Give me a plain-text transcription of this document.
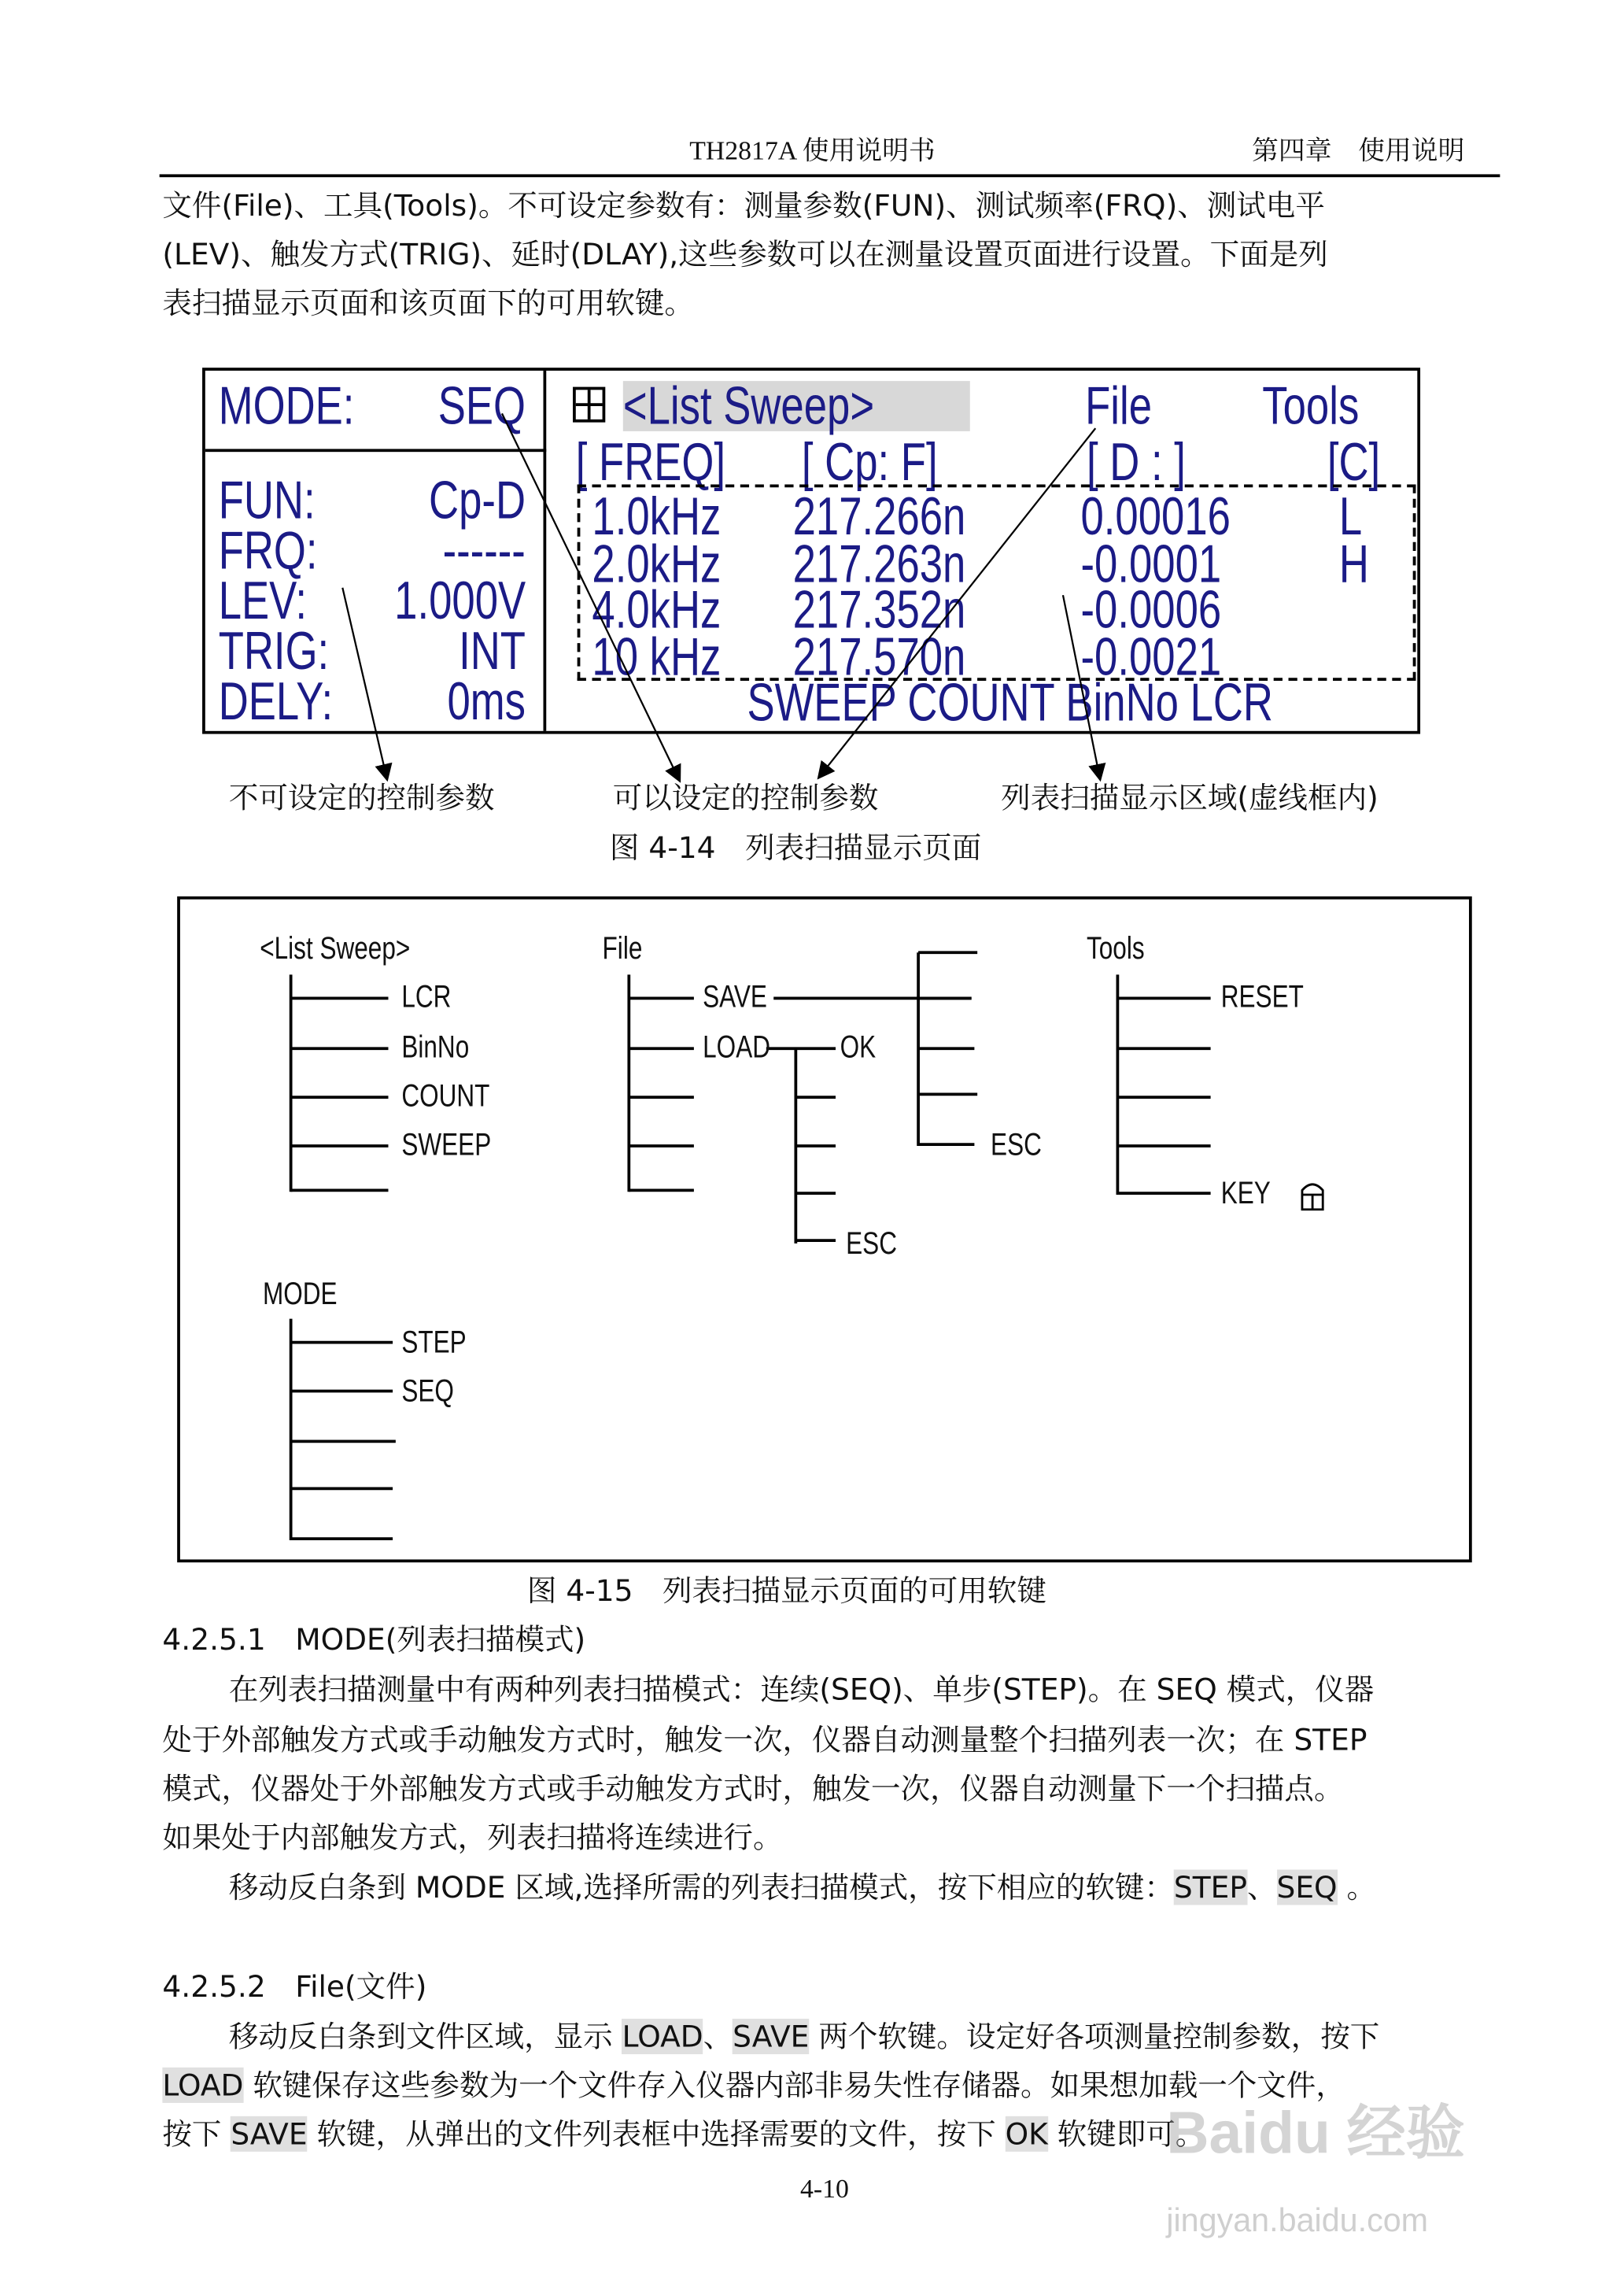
TH2817A 使用说明书	第四章　使用说明
文件(File)、工具(Tools)。不可设定参数有：测量参数(FUN)、测试频率(FRQ)、测试电平
(LEV)、触发方式(TRIG)、延时(DLAY),这些参数可以在测量设置页面进行设置。下面是列
表扫描显示页面和该页面下的可用软键。
MODE:	SEQ
FUN:	Cp-D
FRQ:	------
LEV:	1.000V
TRIG:	INT
DELY:	0ms
<List Sweep>	File	Tools
[ FREQ]	[ Cp: F]	[ D : ]	[C]
1.0kHz	217.266n	0.00016	L
2.0kHz	217.263n	-0.0001	H
4.0kHz	217.352n	-0.0006
10 kHz	217.570n	-0.0021
SWEEP COUNT BinNo LCR
不可设定的控制参数	可以设定的控制参数	列表扫描显示区域(虚线框内)
图 4-14　列表扫描显示页面
<List Sweep>
LCR
BinNo
COUNT
SWEEP
File
SAVE
LOAD	OK
ESC
ESC
Tools
RESET
KEY
MODE
STEP
SEQ
图 4-15　列表扫描显示页面的可用软键
4.2.5.1　MODE(列表扫描模式)
在列表扫描测量中有两种列表扫描模式：连续(SEQ)、单步(STEP)。在 SEQ 模式，仪器
处于外部触发方式或手动触发方式时，触发一次，仪器自动测量整个扫描列表一次；在 STEP
模式，仪器处于外部触发方式或手动触发方式时，触发一次，仪器自动测量下一个扫描点。
如果处于内部触发方式，列表扫描将连续进行。
移动反白条到 MODE 区域,选择所需的列表扫描模式，按下相应的软键：STEP、SEQ 。
4.2.5.2　File(文件)
移动反白条到文件区域，显示 LOAD、SAVE 两个软键。设定好各项测量控制参数，按下
LOAD 软键保存这些参数为一个文件存入仪器内部非易失性存储器。如果想加载一个文件，
按下 SAVE 软键，从弹出的文件列表框中选择需要的文件，按下 OK 软键即可。
4-10
Baidu 经验
jingyan.baidu.com
